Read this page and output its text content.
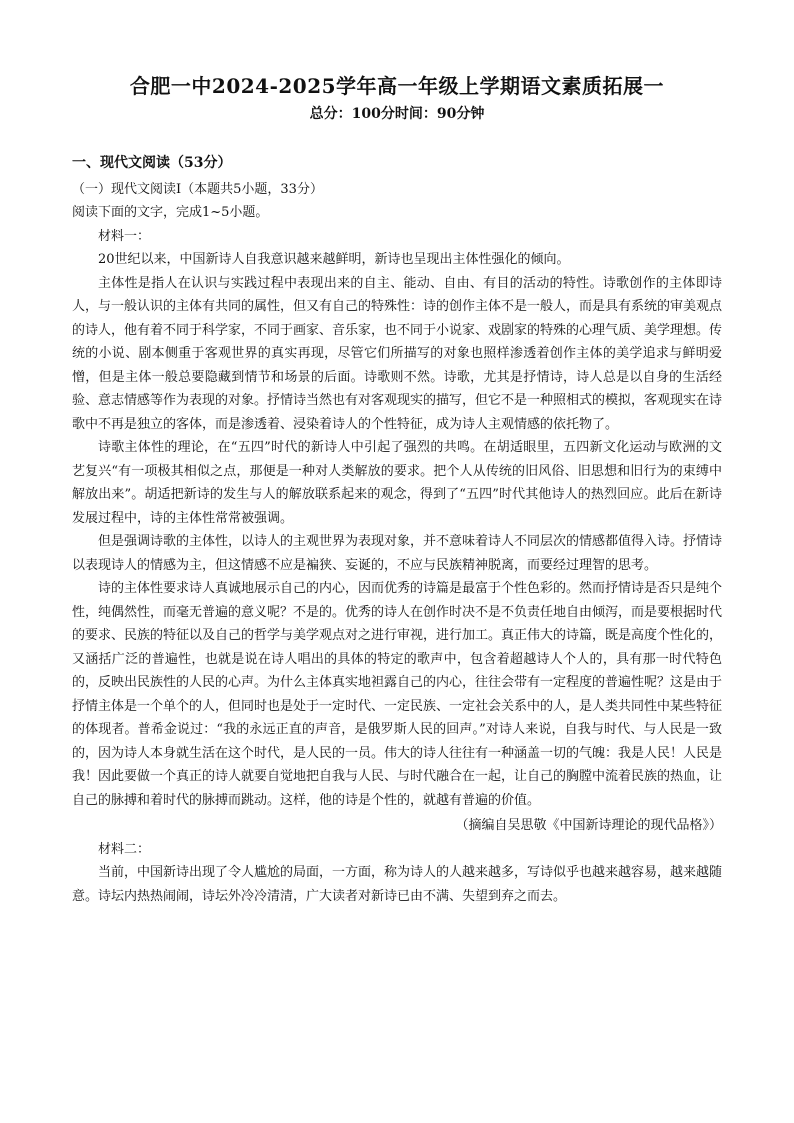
合肥一中2024-2025学年高一年级上学期语文素质拓展一
总分：100分时间：90分钟

一、现代文阅读（53分）

（一）现代文阅读Ⅰ（本题共5小题，33分）

阅读下面的文字，完成1~5小题。

材料一：

20世纪以来，中国新诗人自我意识越来越鲜明，新诗也呈现出主体性强化的倾向。

主体性是指人在认识与实践过程中表现出来的自主、能动、自由、有目的活动的特性。诗歌创作的主体即诗人，与一般认识的主体有共同的属性，但又有自己的特殊性：诗的创作主体不是一般人，而是具有系统的审美观点的诗人，他有着不同于科学家，不同于画家、音乐家，也不同于小说家、戏剧家的特殊的心理气质、美学理想。传统的小说、剧本侧重于客观世界的真实再现，尽管它们所描写的对象也照样渗透着创作主体的美学追求与鲜明爱憎，但是主体一般总要隐藏到情节和场景的后面。诗歌则不然。诗歌，尤其是抒情诗，诗人总是以自身的生活经验、意志情感等作为表现的对象。抒情诗当然也有对客观现实的描写，但它不是一种照相式的模拟，客观现实在诗歌中不再是独立的客体，而是渗透着、浸染着诗人的个性特征，成为诗人主观情感的依托物了。

诗歌主体性的理论，在“五四”时代的新诗人中引起了强烈的共鸣。在胡适眼里，五四新文化运动与欧洲的文艺复兴“有一项极其相似之点，那便是一种对人类解放的要求。把个人从传统的旧风俗、旧思想和旧行为的束缚中解放出来”。胡适把新诗的发生与人的解放联系起来的观念，得到了“五四”时代其他诗人的热烈回应。此后在新诗发展过程中，诗的主体性常常被强调。

但是强调诗歌的主体性，以诗人的主观世界为表现对象，并不意味着诗人不同层次的情感都值得入诗。抒情诗以表现诗人的情感为主，但这情感不应是褊狭、妄诞的，不应与民族精神脱离，而要经过理智的思考。

诗的主体性要求诗人真诚地展示自己的内心，因而优秀的诗篇是最富于个性色彩的。然而抒情诗是否只是纯个性，纯偶然性，而毫无普遍的意义呢？不是的。优秀的诗人在创作时决不是不负责任地自由倾泻，而是要根据时代的要求、民族的特征以及自己的哲学与美学观点对之进行审视，进行加工。真正伟大的诗篇，既是高度个性化的，又涵括广泛的普遍性，也就是说在诗人唱出的具体的特定的歌声中，包含着超越诗人个人的，具有那一时代特色的，反映出民族性的人民的心声。为什么主体真实地袒露自己的内心，往往会带有一定程度的普遍性呢？这是由于抒情主体是一个单个的人，但同时也是处于一定时代、一定民族、一定社会关系中的人，是人类共同性中某些特征的体现者。普希金说过：“我的永远正直的声音，是俄罗斯人民的回声。”对诗人来说，自我与时代、与人民是一致的，因为诗人本身就生活在这个时代，是人民的一员。伟大的诗人往往有一种涵盖一切的气魄：我是人民！人民是我！因此要做一个真正的诗人就要自觉地把自我与人民、与时代融合在一起，让自己的胸膛中流着民族的热血，让自己的脉搏和着时代的脉搏而跳动。这样，他的诗是个性的，就越有普遍的价值。

（摘编自吴思敬《中国新诗理论的现代品格》）

材料二：

当前，中国新诗出现了令人尴尬的局面，一方面，称为诗人的人越来越多，写诗似乎也越来越容易，越来越随意。诗坛内热热闹闹，诗坛外冷冷清清，广大读者对新诗已由不满、失望到弃之而去。
